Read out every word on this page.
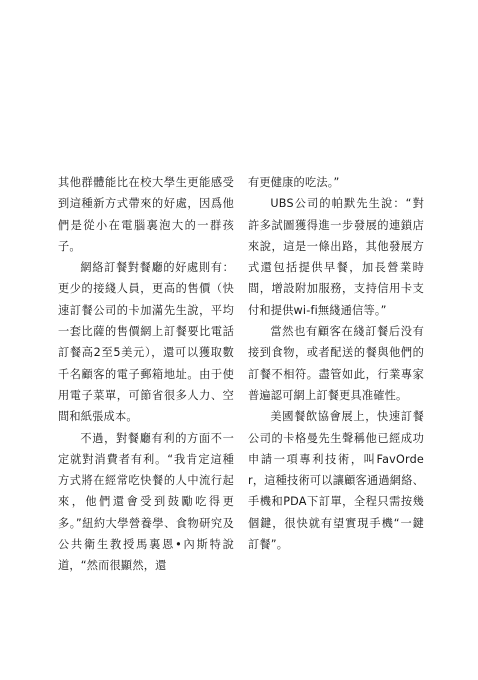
其他群體能比在校大學生更能感受到這種新方式帶來的好處，因爲他們是從小在電腦裏泡大的一群孩子。

網絡訂餐對餐廳的好處則有：更少的接綫人員，更高的售價（快速訂餐公司的卡加滿先生說，平均一套比薩的售價網上訂餐要比電話訂餐高2至5美元），還可以獲取數千名顧客的電子郵箱地址。由于使用電子菜單，可節省很多人力、空間和紙張成本。

不過，對餐廳有利的方面不一定就對消費者有利。“我肯定這種方式將在經常吃快餐的人中流行起來，他們還會受到鼓勵吃得更多。”紐約大學營養學、食物研究及公共衛生教授馬裏恩•內斯特說道，“然而很顯然，還

有更健康的吃法。”

UBS公司的帕默先生說：“對許多試圖獲得進一步發展的連鎖店來說，這是一條出路，其他發展方式還包括提供早餐，加長營業時間，增設附加服務，支持信用卡支付和提供wi-fi無綫通信等。”

當然也有顧客在綫訂餐后没有接到食物，或者配送的餐與他們的訂餐不相符。盡管如此，行業專家普遍認可網上訂餐更具准確性。

美國餐飲協會展上，快速訂餐公司的卡格曼先生聲稱他已經成功申請一項專利技術，叫FavOrder，這種技術可以讓顧客通過網絡、手機和PDA下訂單，全程只需按幾個鍵，很快就有望實現手機“一鍵訂餐”。
